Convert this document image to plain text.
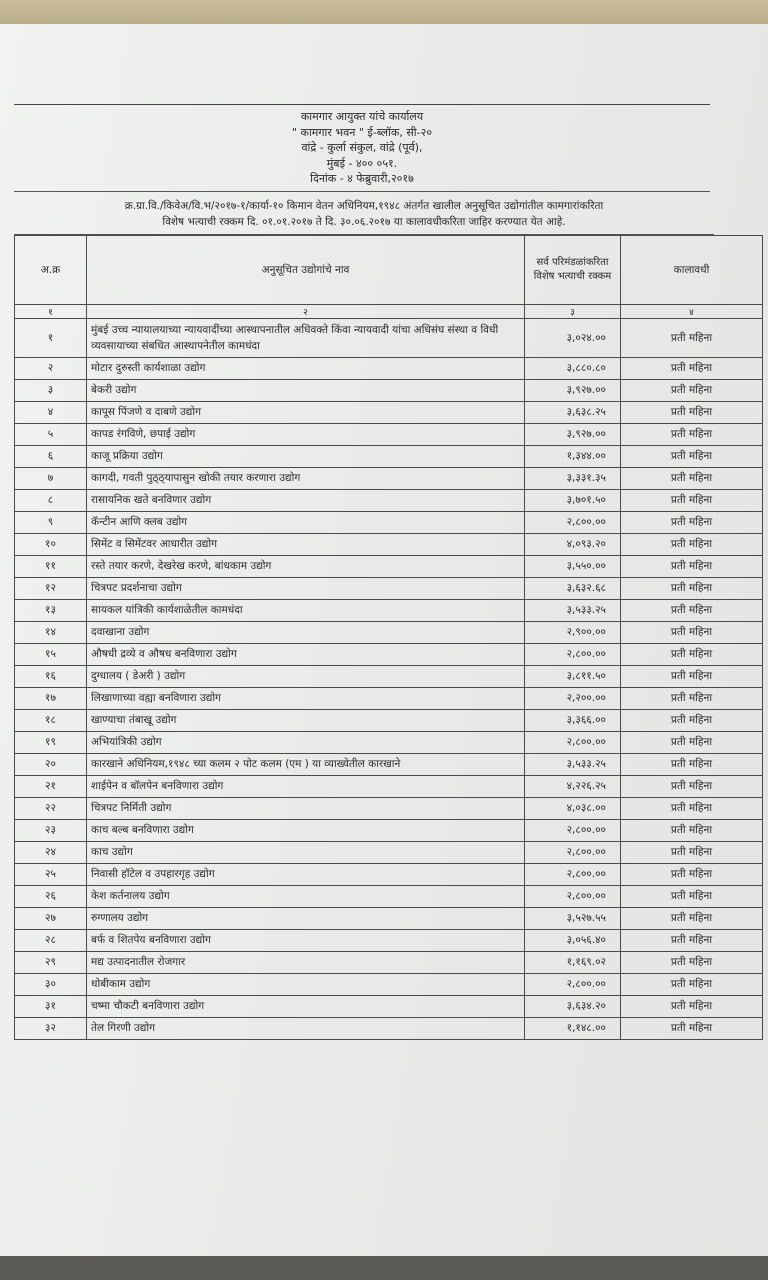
कामगार आयुक्त यांचे कार्यालय
" कामगार भवन " ई-ब्लॉक, सी-२०
वांद्रे - कुर्ला संकुल, वांद्रे (पूर्व),
मुंबई - ४०० ०५१.
दिनांक - ४ फेब्रुवारी,२०१७
क्र.ग्रा.वि./किवेअ/वि.भ/२०१७-१/कार्या-१० किमान वेतन अधिनियम,१९४८ अंतर्गत खालील अनुसूचित उद्योगांतील कामगारांकरिता
विशेष भत्याची रक्कम दि. ०१.०१.२०१७ ते दि. ३०.०६.२०१७ या कालावधीकरिता जाहिर करण्यात येत आहे.
अ.क्र	अनुसूचित उद्योगांचे नाव	सर्व परिमंडळांकरिता विशेष भत्याची रक्कम	कालावधी
१	२	३	४
१	मुंबई उच्च न्यायालयाच्या न्यायवादींच्या आस्थापनातील अधिवक्ते किंवा न्यायवादी यांचा अधिसंघ संस्था व विधी व्यवसायाच्या संबधित आस्थापनेतील कामधंदा	३,०२४.००	प्रती महिना
२	मोटार दुरुस्ती कार्यशाळा उद्योग	३,८८०.८०	प्रती महिना
३	बेकरी उद्योग	३,९२७.००	प्रती महिना
४	कापूस पिंजणे व दाबणे उद्योग	३,६३८.२५	प्रती महिना
५	कापड रंगविणे, छपाई उद्योग	३,९२७.००	प्रती महिना
६	काजू प्रक्रिया उद्योग	१,३४४.००	प्रती महिना
७	कागदी, गवती पुठ्ठ्यापासुन खोकी तयार करणारा उद्योग	३,३३१.३५	प्रती महिना
८	रासायनिक खते बनविणार उद्योग	३,७०१.५०	प्रती महिना
९	कॅन्टीन आणि क्लब उद्योग	२,८००.००	प्रती महिना
१०	सिमेंट व सिमेंटवर आधारीत उद्योग	४,०९३.२०	प्रती महिना
११	रस्ते तयार करणे, देखरेख करणे, बांधकाम उद्योग	३,५५०.००	प्रती महिना
१२	चित्रपट प्रदर्शनाचा उद्योग	३,६३२.६८	प्रती महिना
१३	सायकल यांत्रिकी कार्यशाळेतील कामधंदा	३,५३३.२५	प्रती महिना
१४	दवाखाना उद्योग	२,९००.००	प्रती महिना
१५	औषधी द्रव्ये व औषध बनविणारा उद्योग	२,८००.००	प्रती महिना
१६	दुग्धालय ( डेअरी ) उद्योग	३,८११.५०	प्रती महिना
१७	लिखाणाच्या वह्या बनविणारा उद्योग	२,२००.००	प्रती महिना
१८	खाण्याचा तंबाखू उद्योग	३,३६६.००	प्रती महिना
१९	अभियांत्रिकी उद्योग	२,८००.००	प्रती महिना
२०	कारखाने अधिनियम,१९४८ च्या कलम २ पोट कलम (एम ) या व्याख्येतील कारखाने	३,५३३.२५	प्रती महिना
२१	शाईपेन व बॉलपेन बनविणारा उद्योग	४,२२६.२५	प्रती महिना
२२	चित्रपट निर्मिती उद्योग	४,०३८.००	प्रती महिना
२३	काच बल्ब बनविणारा उद्योग	२,८००.००	प्रती महिना
२४	काच उद्योग	२,८००.००	प्रती महिना
२५	निवासी हॉटेल व उपहारगृह उद्योग	२,८००.००	प्रती महिना
२६	केश कर्तनालय उद्योग	२,८००.००	प्रती महिना
२७	रुग्णालय उद्योग	३,५२७.५५	प्रती महिना
२८	बर्फ व शितपेय बनविणारा उद्योग	३,०५६.४०	प्रती महिना
२९	मद्य उत्पादनातील रोजगार	१,१६९.०२	प्रती महिना
३०	धोबीकाम उद्योग	२,८००.००	प्रती महिना
३१	चष्मा चौकटी बनविणारा उद्योग	३,६३४.२०	प्रती महिना
३२	तेल गिरणी उद्योग	१,१४८.००	प्रती महिना
